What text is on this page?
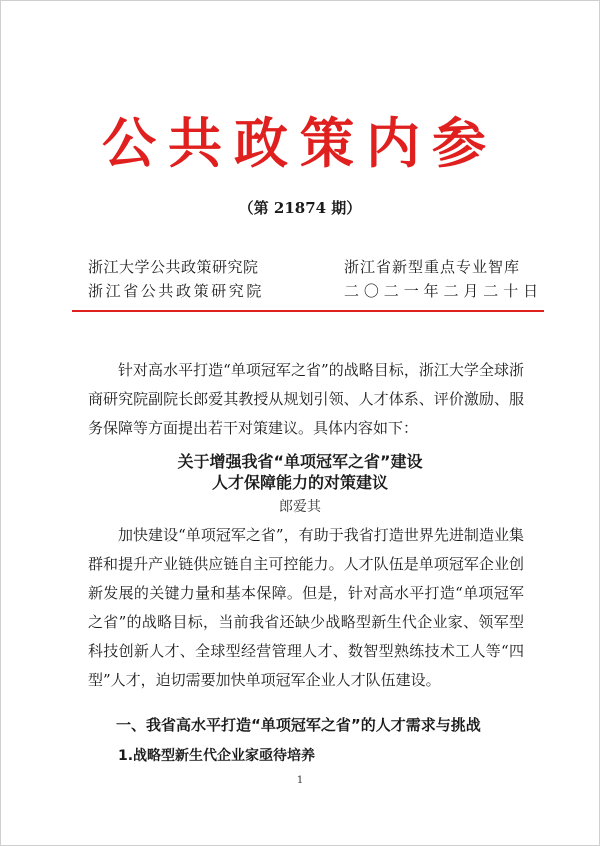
公共政策内参
（第 21874 期）
浙江大学公共政策研究院
浙江省公共政策研究院
浙江省新型重点专业智库
二〇二一年二月二十日
针对高水平打造“单项冠军之省”的战略目标，浙江大学全球浙商研究院副院长郎爱其教授从规划引领、人才体系、评价激励、服务保障等方面提出若干对策建议。具体内容如下：
关于增强我省“单项冠军之省”建设
人才保障能力的对策建议
郎爱其
加快建设“单项冠军之省”，有助于我省打造世界先进制造业集群和提升产业链供应链自主可控能力。人才队伍是单项冠军企业创新发展的关键力量和基本保障。但是，针对高水平打造“单项冠军之省”的战略目标，当前我省还缺少战略型新生代企业家、领军型科技创新人才、全球型经营管理人才、数智型熟练技术工人等“四型”人才，迫切需要加快单项冠军企业人才队伍建设。
一、我省高水平打造“单项冠军之省”的人才需求与挑战
1.战略型新生代企业家亟待培养
1
